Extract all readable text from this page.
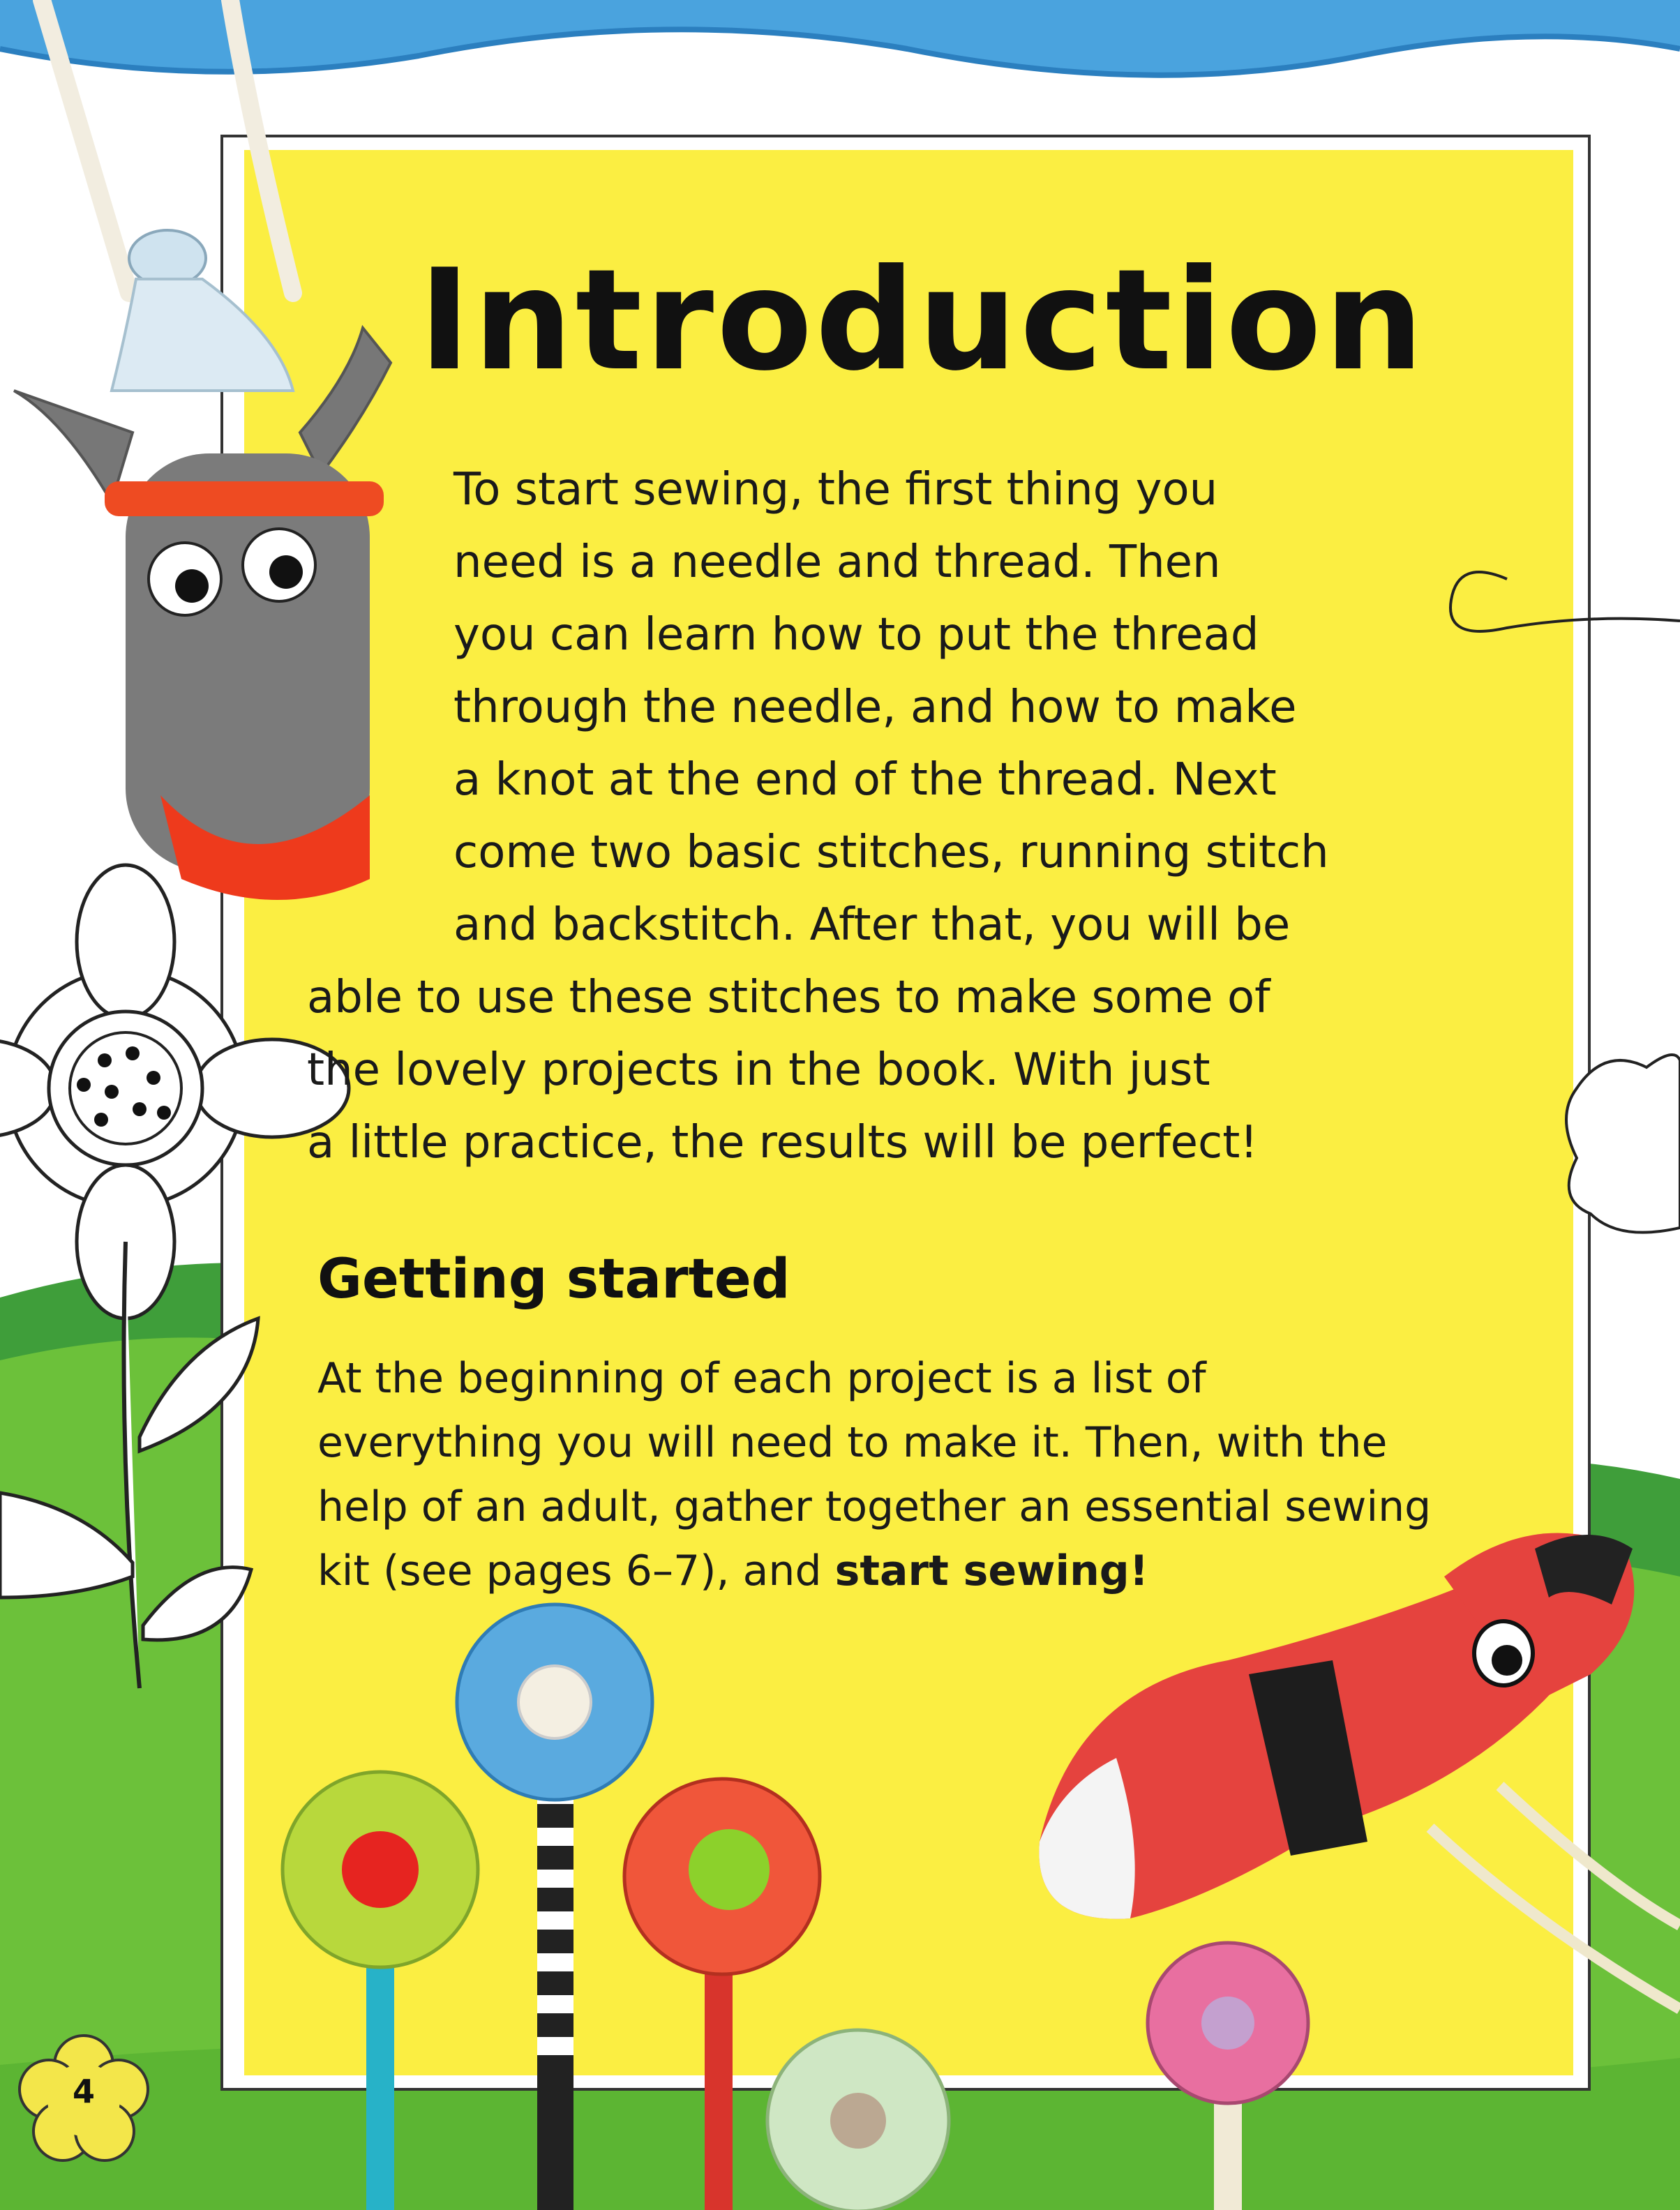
Introduction

To start sewing, the first thing you
need is a needle and thread. Then
you can learn how to put the thread
through the needle, and how to make
a knot at the end of the thread. Next
come two basic stitches, running stitch
and backstitch. After that, you will be
able to use these stitches to make some of
the lovely projects in the book. With just
a little practice, the results will be perfect!

Getting started

At the beginning of each project is a list of
everything you will need to make it. Then, with the
help of an adult, gather together an essential sewing
kit (see pages 6–7), and start sewing!

4
